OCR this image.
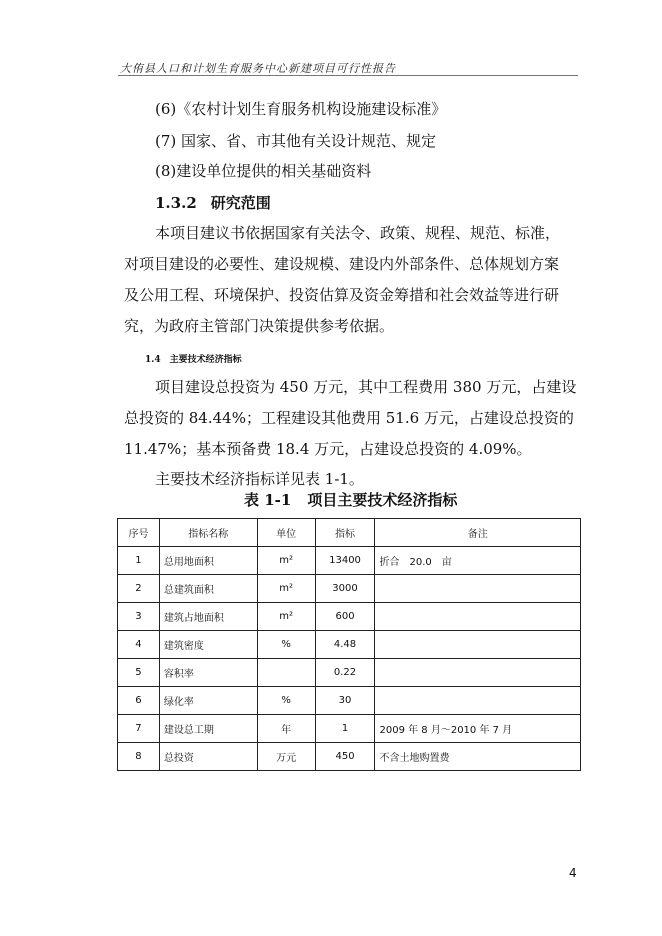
大侑县人口和计划生育服务中心新建项目可行性报告
(6)《农村计划生育服务机构设施建设标准》
(7) 国家、省、市其他有关设计规范、规定
(8)建设单位提供的相关基础资料
1.3.2 研究范围
本项目建议书依据国家有关法令、政策、规程、规范、标准，
对项目建设的必要性、建设规模、建设内外部条件、总体规划方案
及公用工程、环境保护、投资估算及资金筹措和社会效益等进行研
究，为政府主管部门决策提供参考依据。
1.4　主要技术经济指标
项目建设总投资为 450 万元，其中工程费用 380 万元，占建设
总投资的 84.44%；工程建设其他费用 51.6 万元，占建设总投资的
11.47%；基本预备费 18.4 万元，占建设总投资的 4.09%。
主要技术经济指标详见表 1-1。
表 1-1 项目主要技术经济指标
序号	指标名称	单位	指标	备注
1	总用地面积	m²	13400	折合　20.0　亩
2	总建筑面积	m²	3000	
3	建筑占地面积	m²	600	
4	建筑密度	%	4.48	
5	容积率		0.22	
6	绿化率	%	30	
7	建设总工期	年	1	2009 年 8 月～2010 年 7 月
8	总投资	万元	450	不含土地购置费
4
